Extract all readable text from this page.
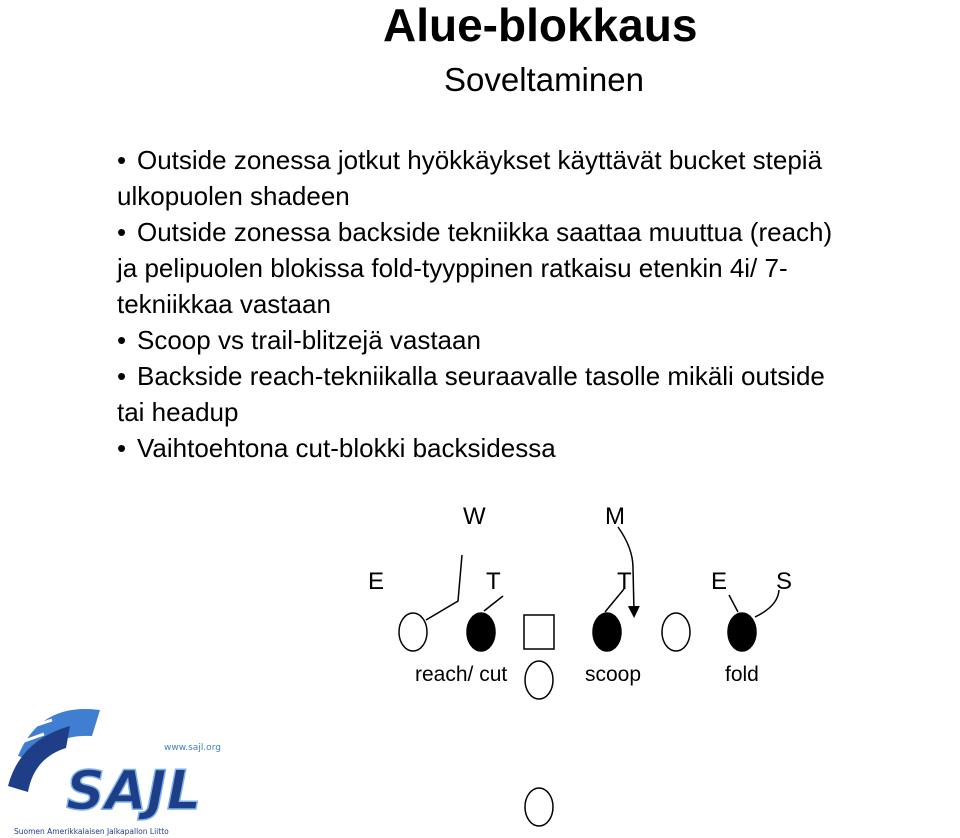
Alue-blokkaus
Soveltaminen
• Outside zonessa jotkut hyökkäykset käyttävät bucket stepiä
ulkopuolen shadeen
• Outside zonessa backside tekniikka saattaa muuttua (reach)
ja pelipuolen blokissa fold-tyyppinen ratkaisu etenkin 4i/ 7-
tekniikkaa vastaan
• Scoop vs trail-blitzejä vastaan
• Backside reach-tekniikalla seuraavalle tasolle mikäli outside
tai headup
• Vaihtoehtona cut-blokki backsidessa
W	M
E	T	T	E S
reach/ cut	scoop	fold
www.sajl.org
SAJL
Suomen Amerikkalaisen Jalkapallon Liitto
